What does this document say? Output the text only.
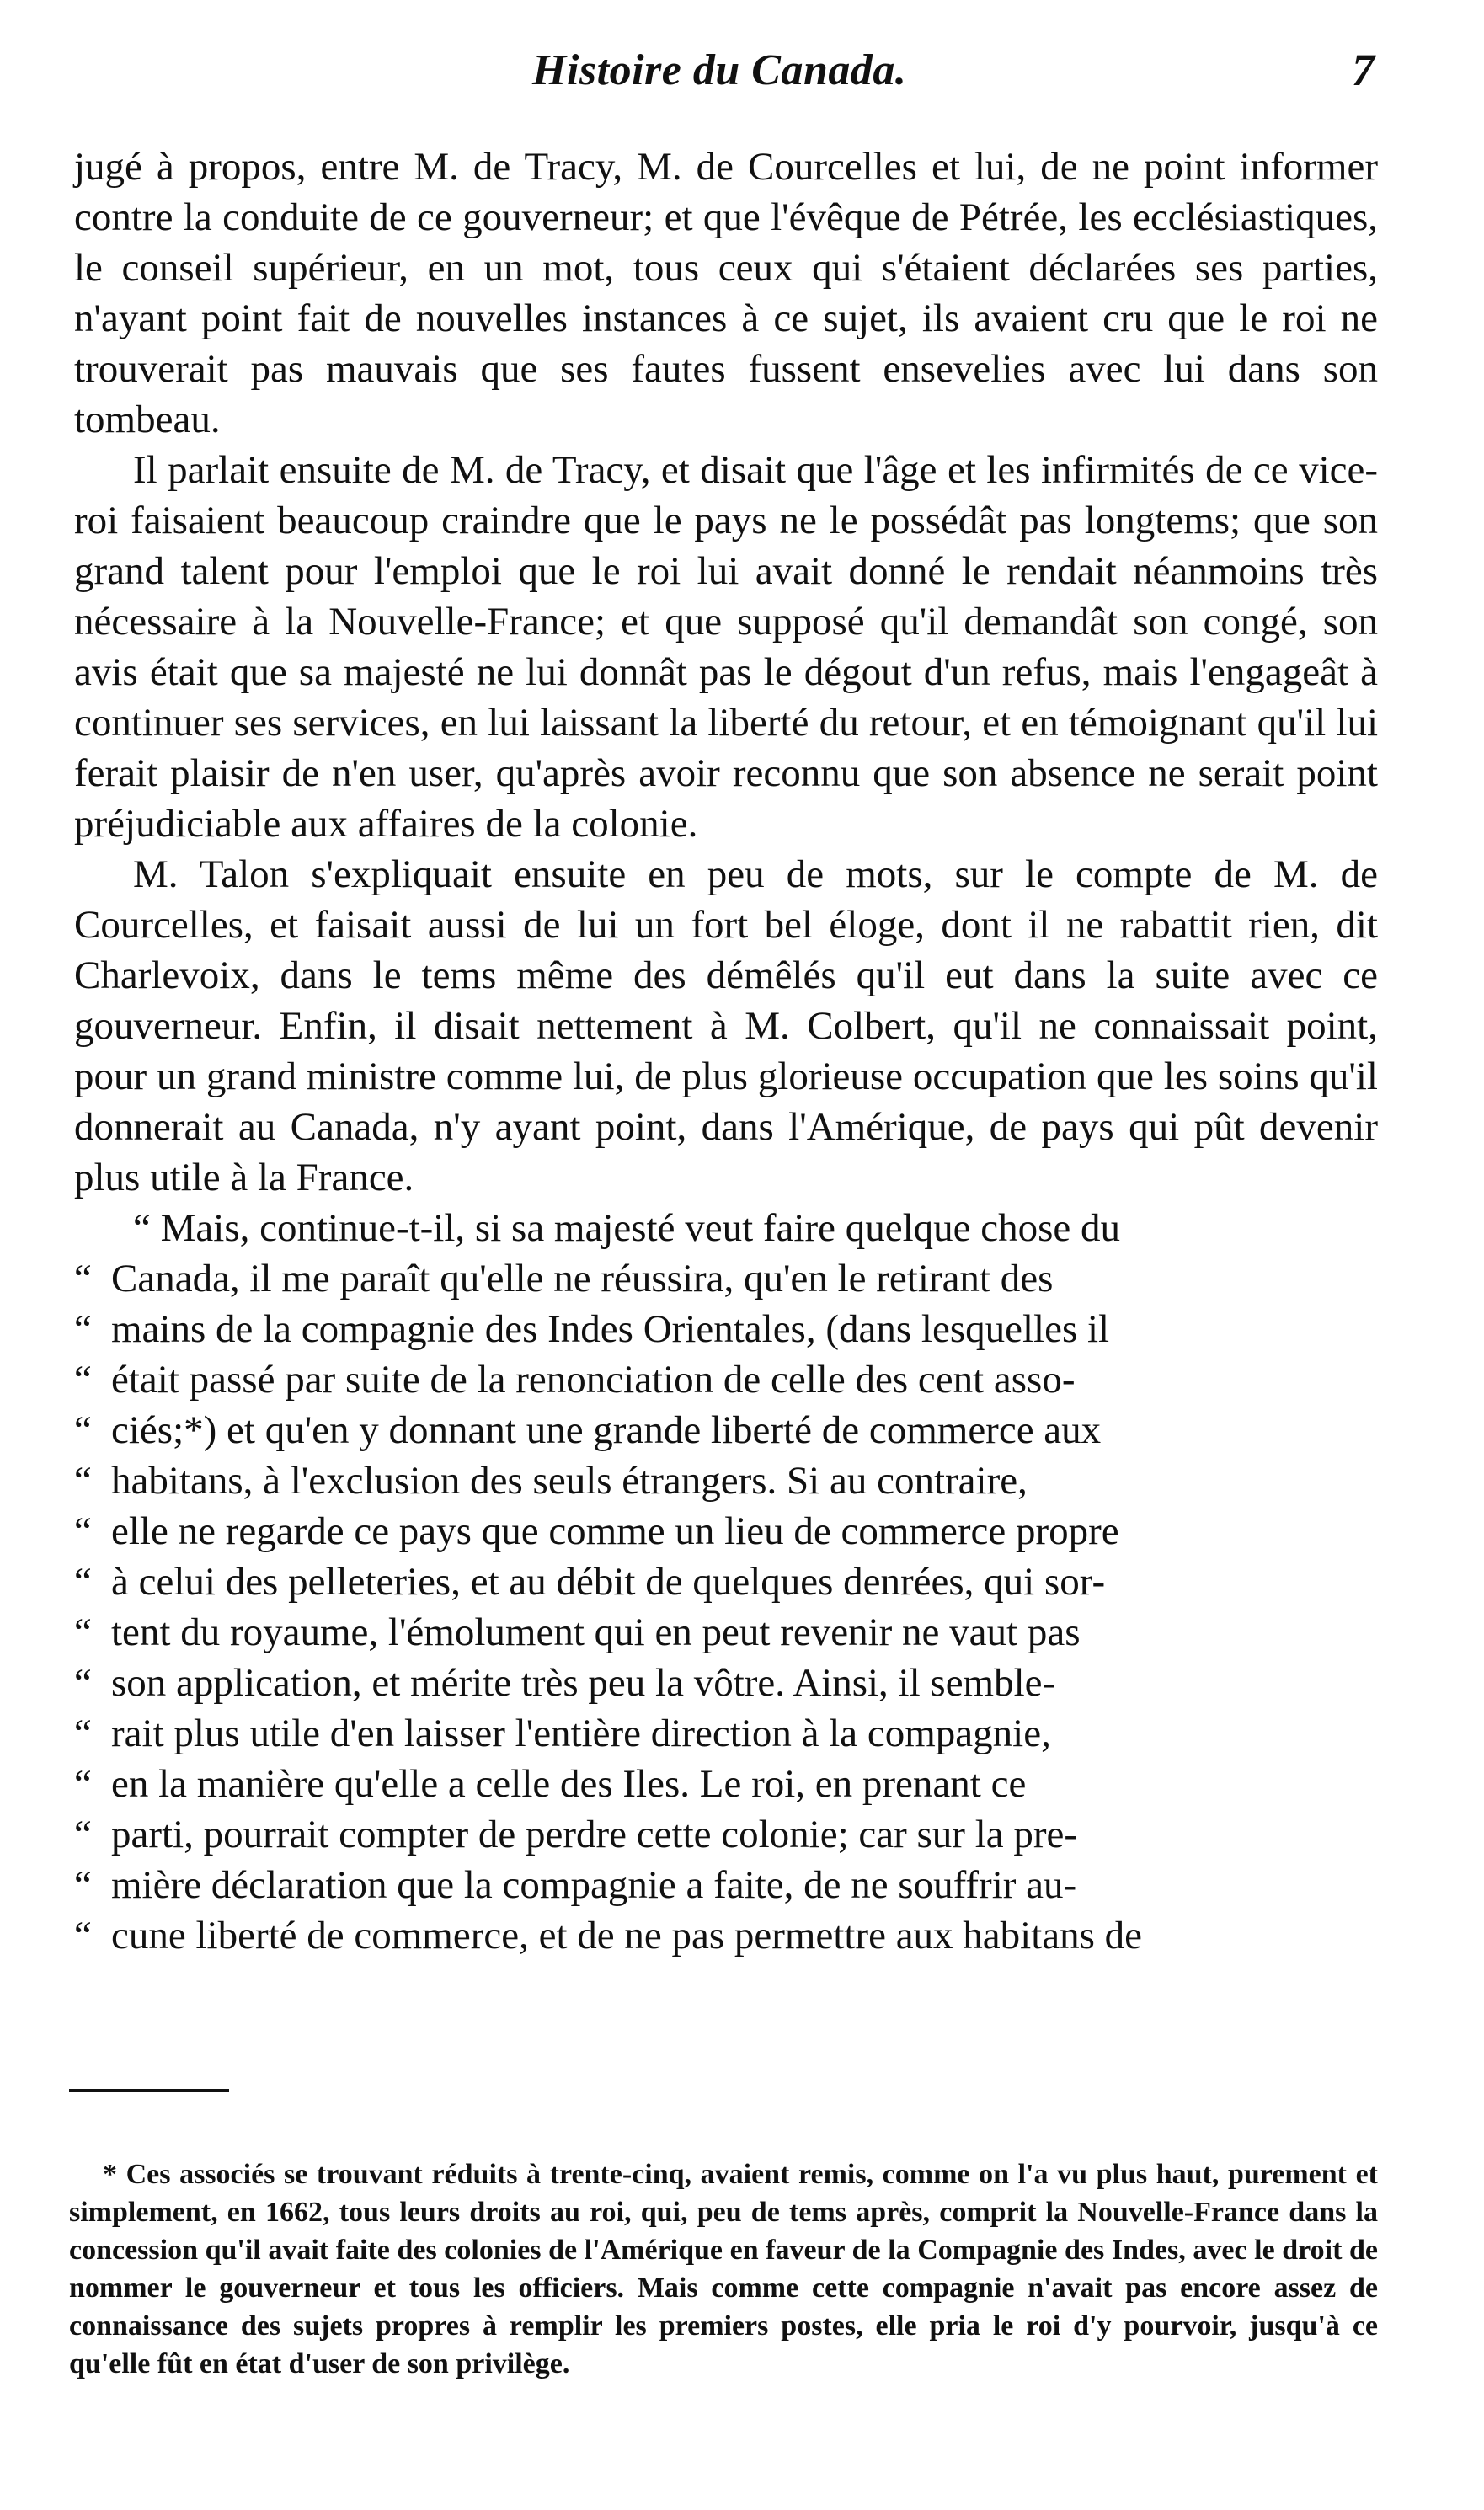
Histoire du Canada.	7

jugé à propos, entre M. de Tracy, M. de Courcelles et lui, de ne point informer contre la conduite de ce gouverneur; et que l'évêque de Pétrée, les ecclésiastiques, le conseil supérieur, en un mot, tous ceux qui s'étaient déclarées ses parties, n'ayant point fait de nouvelles instances à ce sujet, ils avaient cru que le roi ne trouverait pas mauvais que ses fautes fussent ensevelies avec lui dans son tombeau.

Il parlait ensuite de M. de Tracy, et disait que l'âge et les infirmités de ce vice-roi faisaient beaucoup craindre que le pays ne le possédât pas longtems; que son grand talent pour l'emploi que le roi lui avait donné le rendait néanmoins très nécessaire à la Nouvelle-France; et que supposé qu'il demandât son congé, son avis était que sa majesté ne lui donnât pas le dégout d'un refus, mais l'engageât à continuer ses services, en lui laissant la liberté du retour, et en témoignant qu'il lui ferait plaisir de n'en user, qu'après avoir reconnu que son absence ne serait point préjudiciable aux affaires de la colonie.

M. Talon s'expliquait ensuite en peu de mots, sur le compte de M. de Courcelles, et faisait aussi de lui un fort bel éloge, dont il ne rabattit rien, dit Charlevoix, dans le tems même des démêlés qu'il eut dans la suite avec ce gouverneur. Enfin, il disait nettement à M. Colbert, qu'il ne connaissait point, pour un grand ministre comme lui, de plus glorieuse occupation que les soins qu'il donnerait au Canada, n'y ayant point, dans l'Amérique, de pays qui pût devenir plus utile à la France.

“ Mais, continue-t-il, si sa majesté veut faire quelque chose du
“ Canada, il me paraît qu'elle ne réussira, qu'en le retirant des
“ mains de la compagnie des Indes Orientales, (dans lesquelles il
“ était passé par suite de la renonciation de celle des cent asso-
“ ciés;*) et qu'en y donnant une grande liberté de commerce aux
“ habitans, à l'exclusion des seuls étrangers. Si au contraire,
“ elle ne regarde ce pays que comme un lieu de commerce propre
“ à celui des pelleteries, et au débit de quelques denrées, qui sor-
“ tent du royaume, l'émolument qui en peut revenir ne vaut pas
“ son application, et mérite très peu la vôtre. Ainsi, il semble-
“ rait plus utile d'en laisser l'entière direction à la compagnie,
“ en la manière qu'elle a celle des Iles. Le roi, en prenant ce
“ parti, pourrait compter de perdre cette colonie; car sur la pre-
“ mière déclaration que la compagnie a faite, de ne souffrir au-
“ cune liberté de commerce, et de ne pas permettre aux habitans de

* Ces associés se trouvant réduits à trente-cinq, avaient remis, comme on l'a vu plus haut, purement et simplement, en 1662, tous leurs droits au roi, qui, peu de tems après, comprit la Nouvelle-France dans la concession qu'il avait faite des colonies de l'Amérique en faveur de la Compagnie des Indes, avec le droit de nommer le gouverneur et tous les officiers. Mais comme cette compagnie n'avait pas encore assez de connaissance des sujets propres à remplir les premiers postes, elle pria le roi d'y pourvoir, jusqu'à ce qu'elle fût en état d'user de son privilège.
